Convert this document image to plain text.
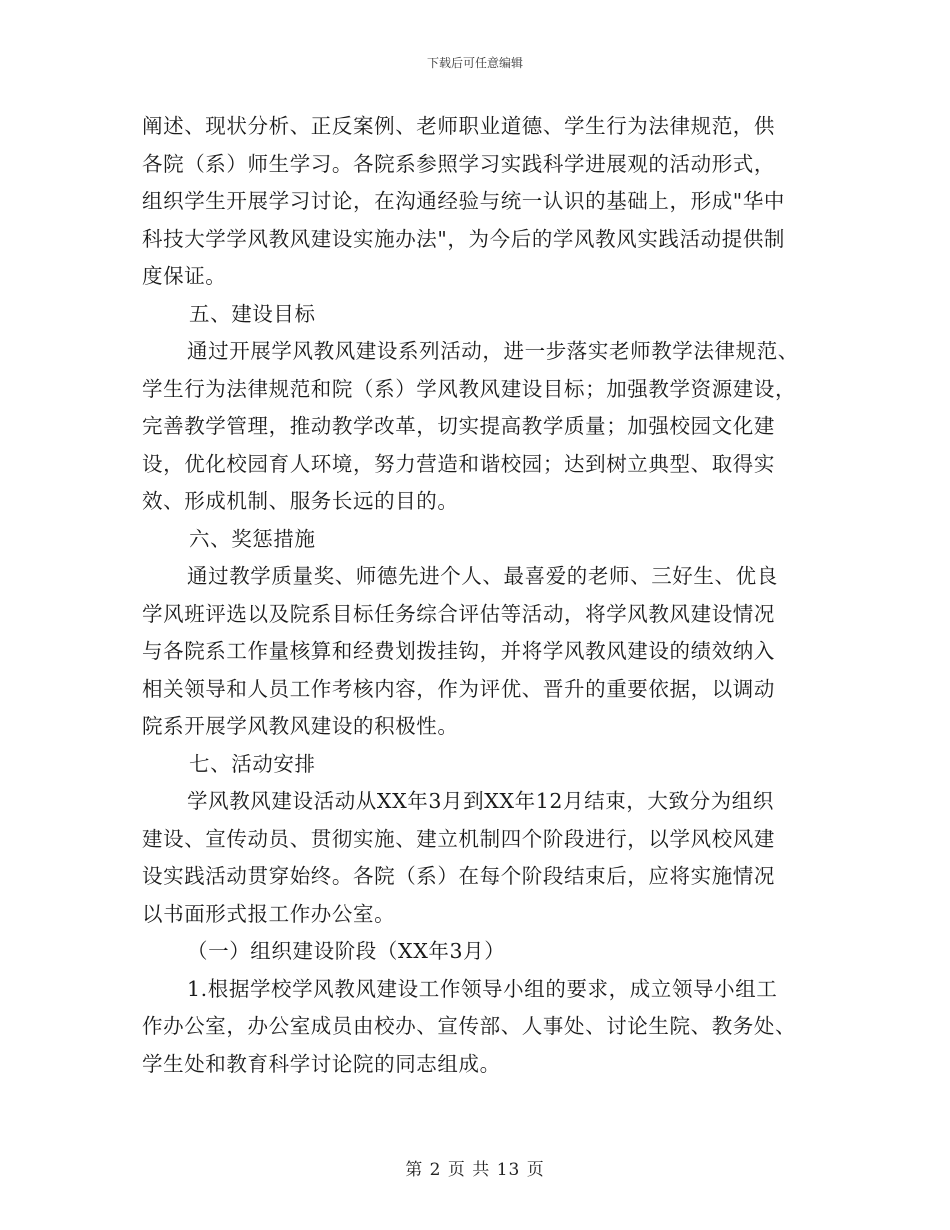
下载后可任意编辑
阐述、现状分析、正反案例、老师职业道德、学生行为法律规范，供
各院（系）师生学习。各院系参照学习实践科学进展观的活动形式，
组织学生开展学习讨论，在沟通经验与统一认识的基础上，形成"华中
科技大学学风教风建设实施办法"，为今后的学风教风实践活动提供制
度保证。
五、建设目标
通过开展学风教风建设系列活动，进一步落实老师教学法律规范、
学生行为法律规范和院（系）学风教风建设目标；加强教学资源建设，
完善教学管理，推动教学改革，切实提高教学质量；加强校园文化建
设，优化校园育人环境，努力营造和谐校园；达到树立典型、取得实
效、形成机制、服务长远的目的。
六、奖惩措施
通过教学质量奖、师德先进个人、最喜爱的老师、三好生、优良
学风班评选以及院系目标任务综合评估等活动，将学风教风建设情况
与各院系工作量核算和经费划拨挂钩，并将学风教风建设的绩效纳入
相关领导和人员工作考核内容，作为评优、晋升的重要依据，以调动
院系开展学风教风建设的积极性。
七、活动安排
学风教风建设活动从XX年3月到XX年12月结束，大致分为组织
建设、宣传动员、贯彻实施、建立机制四个阶段进行，以学风校风建
设实践活动贯穿始终。各院（系）在每个阶段结束后，应将实施情况
以书面形式报工作办公室。
（一）组织建设阶段（XX年3月）
1.根据学校学风教风建设工作领导小组的要求，成立领导小组工
作办公室，办公室成员由校办、宣传部、人事处、讨论生院、教务处、
学生处和教育科学讨论院的同志组成。
第 2 页 共 13 页
